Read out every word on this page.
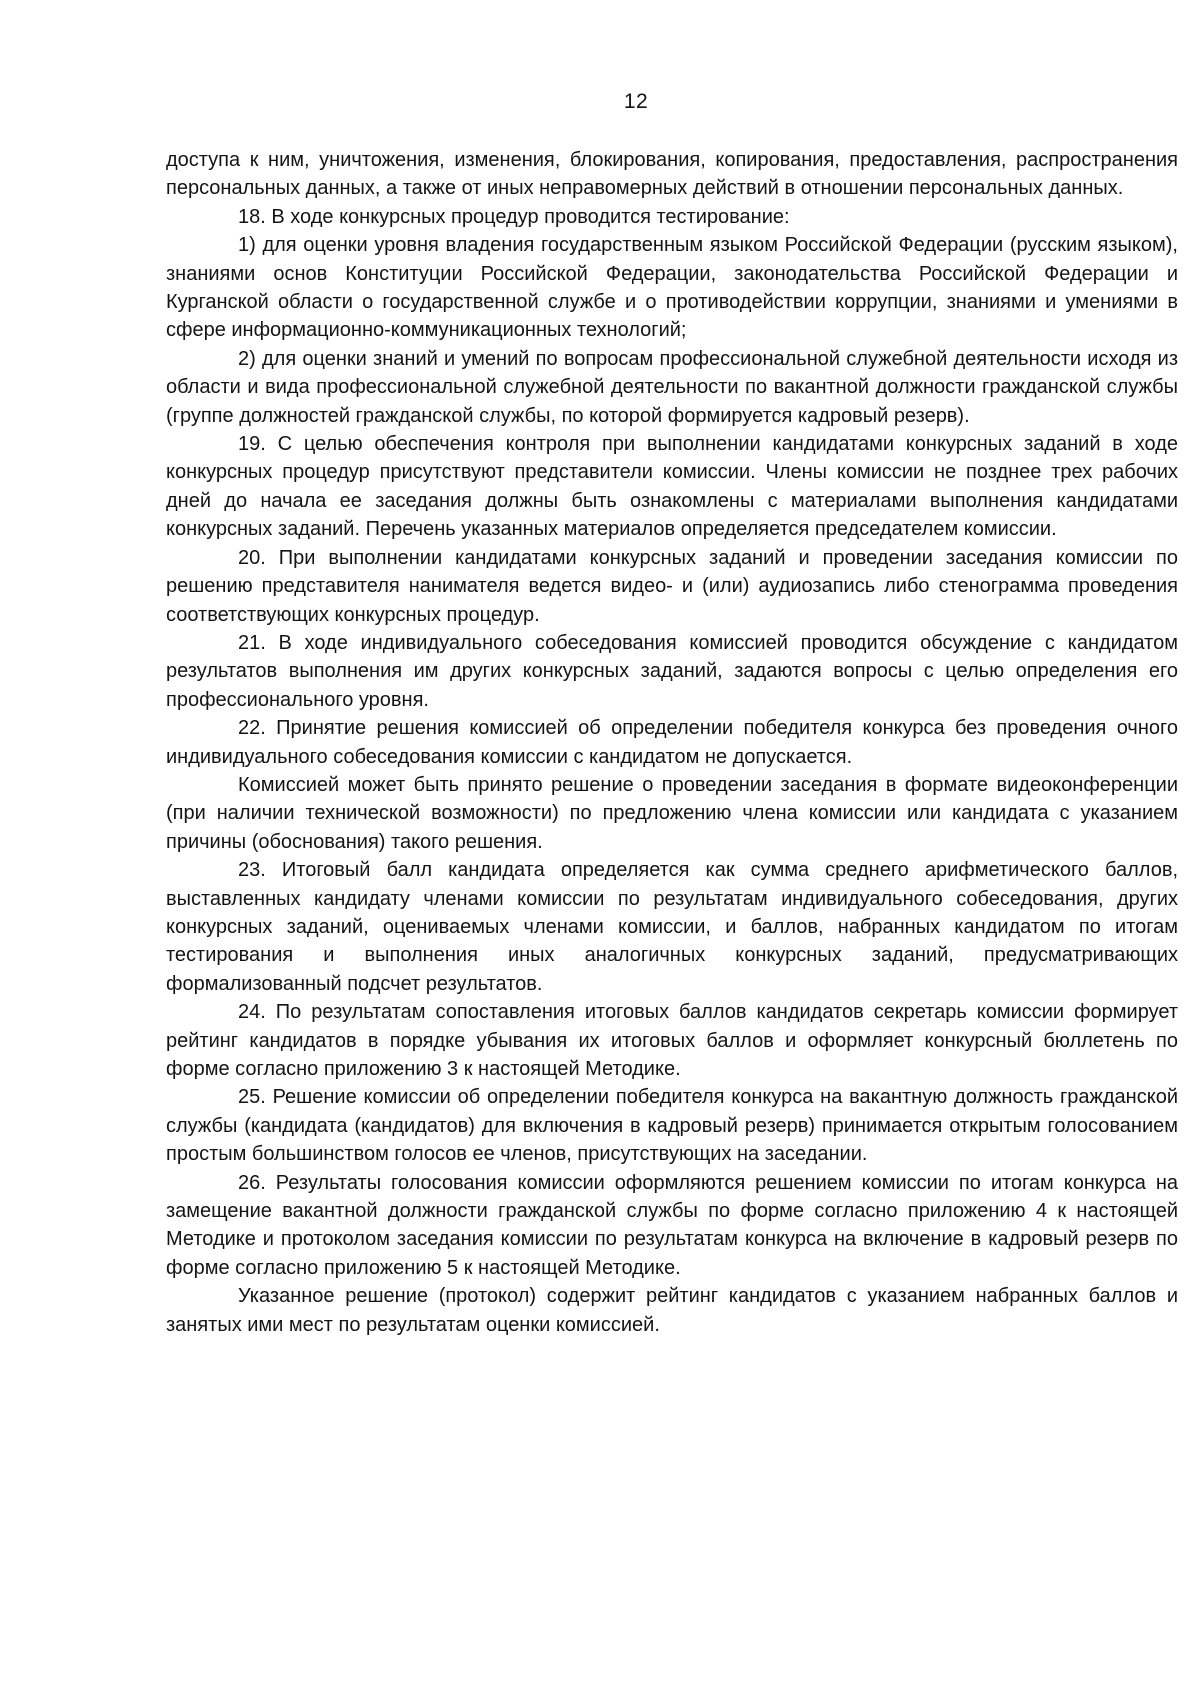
12

доступа к ним, уничтожения, изменения, блокирования, копирования, предоставления, распространения персональных данных, а также от иных неправомерных действий в отношении персональных данных.

18. В ходе конкурсных процедур проводится тестирование:

1) для оценки уровня владения государственным языком Российской Федерации (русским языком), знаниями основ Конституции Российской Федерации, законодательства Российской Федерации и Курганской области о государственной службе и о противодействии коррупции, знаниями и умениями в сфере информационно-коммуникационных технологий;

2) для оценки знаний и умений по вопросам профессиональной служебной деятельности исходя из области и вида профессиональной служебной деятельности по вакантной должности гражданской службы (группе должностей гражданской службы, по которой формируется кадровый резерв).

19. С целью обеспечения контроля при выполнении кандидатами конкурсных заданий в ходе конкурсных процедур присутствуют представители комиссии. Члены комиссии не позднее трех рабочих дней до начала ее заседания должны быть ознакомлены с материалами выполнения кандидатами конкурсных заданий. Перечень указанных материалов определяется председателем комиссии.

20. При выполнении кандидатами конкурсных заданий и проведении заседания комиссии по решению представителя нанимателя ведется видео- и (или) аудиозапись либо стенограмма проведения соответствующих конкурсных процедур.

21. В ходе индивидуального собеседования комиссией проводится обсуждение с кандидатом результатов выполнения им других конкурсных заданий, задаются вопросы с целью определения его профессионального уровня.

22. Принятие решения комиссией об определении победителя конкурса без проведения очного индивидуального собеседования комиссии с кандидатом не допускается.

Комиссией может быть принято решение о проведении заседания в формате видеоконференции (при наличии технической возможности) по предложению члена комиссии или кандидата с указанием причины (обоснования) такого решения.

23. Итоговый балл кандидата определяется как сумма среднего арифметического баллов, выставленных кандидату членами комиссии по результатам индивидуального собеседования, других конкурсных заданий, оцениваемых членами комиссии, и баллов, набранных кандидатом по итогам тестирования и выполнения иных аналогичных конкурсных заданий, предусматривающих формализованный подсчет результатов.

24. По результатам сопоставления итоговых баллов кандидатов секретарь комиссии формирует рейтинг кандидатов в порядке убывания их итоговых баллов и оформляет конкурсный бюллетень по форме согласно приложению 3 к настоящей Методике.

25. Решение комиссии об определении победителя конкурса на вакантную должность гражданской службы (кандидата (кандидатов) для включения в кадровый резерв) принимается открытым голосованием простым большинством голосов ее членов, присутствующих на заседании.

26. Результаты голосования комиссии оформляются решением комиссии по итогам конкурса на замещение вакантной должности гражданской службы по форме согласно приложению 4 к настоящей Методике и протоколом заседания комиссии по результатам конкурса на включение в кадровый резерв по форме согласно приложению 5 к настоящей Методике.

Указанное решение (протокол) содержит рейтинг кандидатов с указанием набранных баллов и занятых ими мест по результатам оценки комиссией.
